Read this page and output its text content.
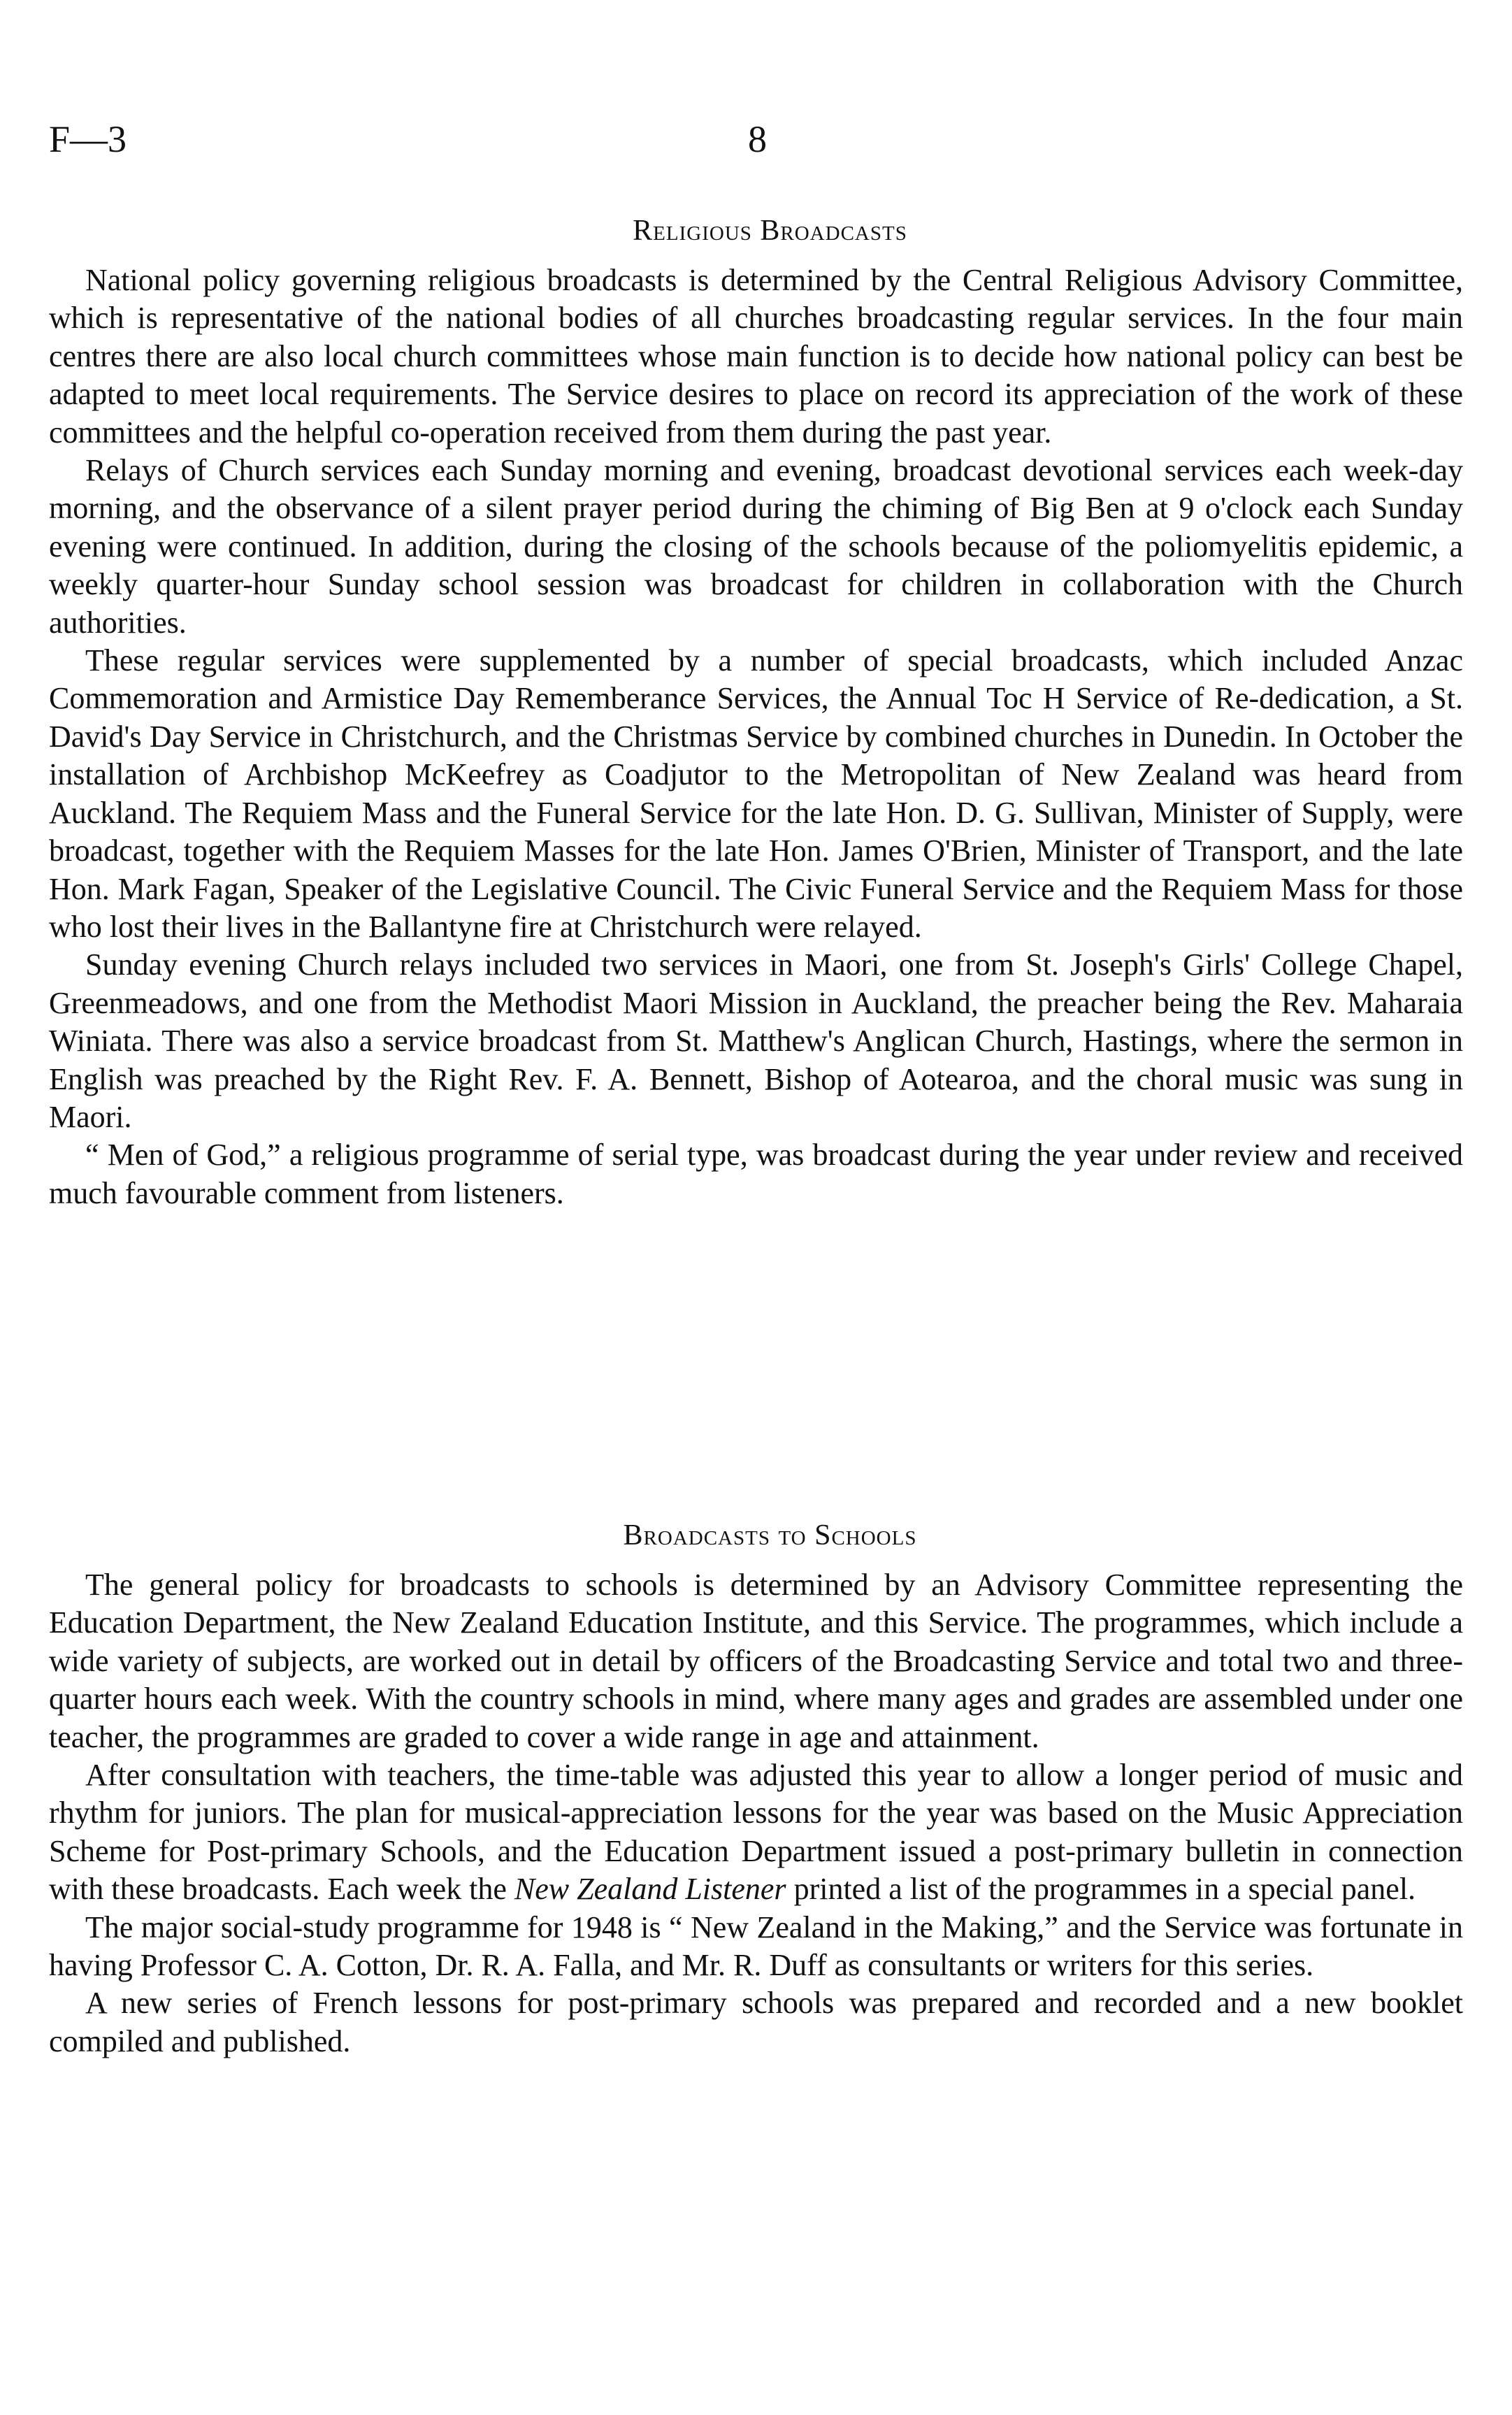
F—3	8
Religious Broadcasts

National policy governing religious broadcasts is determined by the Central Religious Advisory Committee, which is representative of the national bodies of all churches broadcasting regular services. In the four main centres there are also local church committees whose main function is to decide how national policy can best be adapted to meet local requirements. The Service desires to place on record its appreciation of the work of these committees and the helpful co-operation received from them during the past year.

Relays of Church services each Sunday morning and evening, broadcast devotional services each week-day morning, and the observance of a silent prayer period during the chiming of Big Ben at 9 o'clock each Sunday evening were continued. In addition, during the closing of the schools because of the poliomyelitis epidemic, a weekly quarter-hour Sunday school session was broadcast for children in collaboration with the Church authorities.

These regular services were supplemented by a number of special broadcasts, which included Anzac Commemoration and Armistice Day Rememberance Services, the Annual Toc H Service of Re-dedication, a St. David's Day Service in Christchurch, and the Christmas Service by combined churches in Dunedin. In October the installation of Archbishop McKeefrey as Coadjutor to the Metropolitan of New Zealand was heard from Auckland. The Requiem Mass and the Funeral Service for the late Hon. D. G. Sullivan, Minister of Supply, were broadcast, together with the Requiem Masses for the late Hon. James O'Brien, Minister of Transport, and the late Hon. Mark Fagan, Speaker of the Legislative Council. The Civic Funeral Service and the Requiem Mass for those who lost their lives in the Ballantyne fire at Christchurch were relayed.

Sunday evening Church relays included two services in Maori, one from St. Joseph's Girls' College Chapel, Greenmeadows, and one from the Methodist Maori Mission in Auckland, the preacher being the Rev. Maharaia Winiata. There was also a service broadcast from St. Matthew's Anglican Church, Hastings, where the sermon in English was preached by the Right Rev. F. A. Bennett, Bishop of Aotearoa, and the choral music was sung in Maori.

“ Men of God,” a religious programme of serial type, was broadcast during the year under review and received much favourable comment from listeners.

Broadcasts to Schools

The general policy for broadcasts to schools is determined by an Advisory Committee representing the Education Department, the New Zealand Education Institute, and this Service. The programmes, which include a wide variety of subjects, are worked out in detail by officers of the Broadcasting Service and total two and three-quarter hours each week. With the country schools in mind, where many ages and grades are assembled under one teacher, the programmes are graded to cover a wide range in age and attainment.

After consultation with teachers, the time-table was adjusted this year to allow a longer period of music and rhythm for juniors. The plan for musical-appreciation lessons for the year was based on the Music Appreciation Scheme for Post-primary Schools, and the Education Department issued a post-primary bulletin in connection with these broadcasts. Each week the New Zealand Listener printed a list of the programmes in a special panel.

The major social-study programme for 1948 is “ New Zealand in the Making,” and the Service was fortunate in having Professor C. A. Cotton, Dr. R. A. Falla, and Mr. R. Duff as consultants or writers for this series.

A new series of French lessons for post-primary schools was prepared and recorded and a new booklet compiled and published.
